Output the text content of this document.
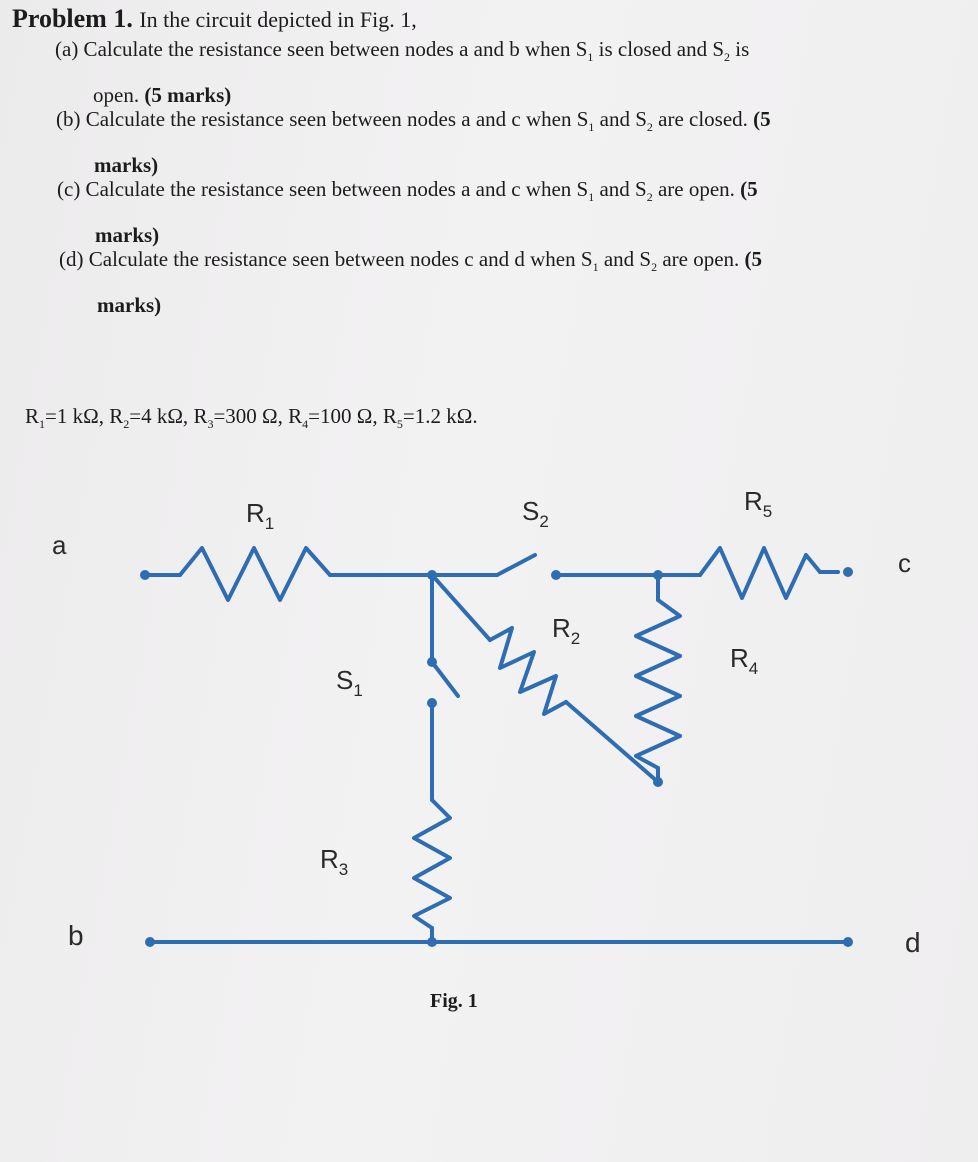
Problem 1. In the circuit depicted in Fig. 1,
(a) Calculate the resistance seen between nodes a and b when $S_1$ is closed and $S_2$ is
open. (5 marks)
(b) Calculate the resistance seen between nodes a and c when $S_1$ and $S_2$ are closed. (5
marks)
(c) Calculate the resistance seen between nodes a and c when $S_1$ and $S_2$ are open. (5
marks)
(d) Calculate the resistance seen between nodes c and d when $S_1$ and $S_2$ are open. (5
marks)
$R_1=1$ kΩ, $R_2=4$ kΩ, $R_3=300$ Ω, $R_4=100$ Ω, $R_5=1.2$ kΩ.
a
b
c
d
$R_1$	$S_2$
$R_5$
$R_2$
$R_4$
$S_1$
$R_3$
Fig. 1
